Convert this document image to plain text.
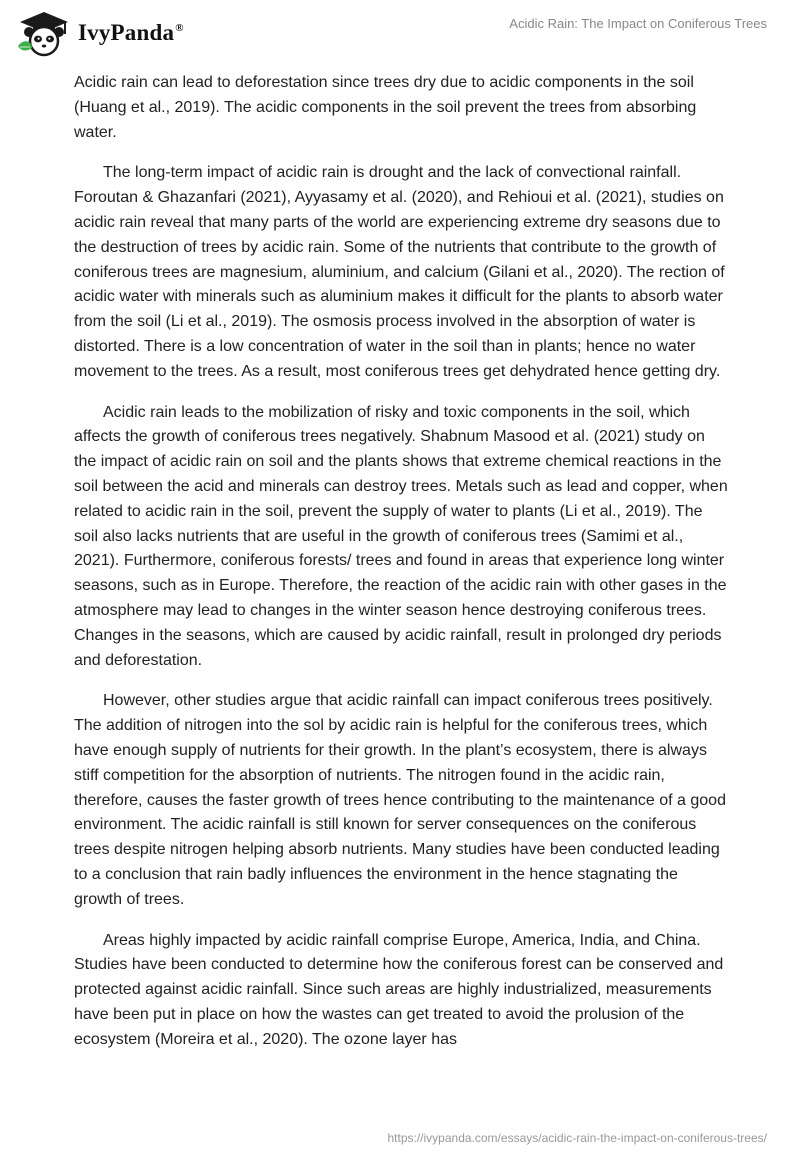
IvyPanda®	Acidic Rain: The Impact on Coniferous Trees

Acidic rain can lead to deforestation since trees dry due to acidic components in the soil (Huang et al., 2019). The acidic components in the soil prevent the trees from absorbing water.

The long-term impact of acidic rain is drought and the lack of convectional rainfall. Foroutan & Ghazanfari (2021), Ayyasamy et al. (2020), and Rehioui et al. (2021), studies on acidic rain reveal that many parts of the world are experiencing extreme dry seasons due to the destruction of trees by acidic rain. Some of the nutrients that contribute to the growth of coniferous trees are magnesium, aluminium, and calcium (Gilani et al., 2020). The rection of acidic water with minerals such as aluminium makes it difficult for the plants to absorb water from the soil (Li et al., 2019). The osmosis process involved in the absorption of water is distorted. There is a low concentration of water in the soil than in plants; hence no water movement to the trees. As a result, most coniferous trees get dehydrated hence getting dry.

Acidic rain leads to the mobilization of risky and toxic components in the soil, which affects the growth of coniferous trees negatively. Shabnum Masood et al. (2021) study on the impact of acidic rain on soil and the plants shows that extreme chemical reactions in the soil between the acid and minerals can destroy trees. Metals such as lead and copper, when related to acidic rain in the soil, prevent the supply of water to plants (Li et al., 2019). The soil also lacks nutrients that are useful in the growth of coniferous trees (Samimi et al., 2021). Furthermore, coniferous forests/ trees and found in areas that experience long winter seasons, such as in Europe. Therefore, the reaction of the acidic rain with other gases in the atmosphere may lead to changes in the winter season hence destroying coniferous trees. Changes in the seasons, which are caused by acidic rainfall, result in prolonged dry periods and deforestation.

However, other studies argue that acidic rainfall can impact coniferous trees positively. The addition of nitrogen into the sol by acidic rain is helpful for the coniferous trees, which have enough supply of nutrients for their growth. In the plant’s ecosystem, there is always stiff competition for the absorption of nutrients. The nitrogen found in the acidic rain, therefore, causes the faster growth of trees hence contributing to the maintenance of a good environment. The acidic rainfall is still known for server consequences on the coniferous trees despite nitrogen helping absorb nutrients. Many studies have been conducted leading to a conclusion that rain badly influences the environment in the hence stagnating the growth of trees.

Areas highly impacted by acidic rainfall comprise Europe, America, India, and China. Studies have been conducted to determine how the coniferous forest can be conserved and protected against acidic rainfall. Since such areas are highly industrialized, measurements have been put in place on how the wastes can get treated to avoid the prolusion of the ecosystem (Moreira et al., 2020). The ozone layer has

https://ivypanda.com/essays/acidic-rain-the-impact-on-coniferous-trees/
